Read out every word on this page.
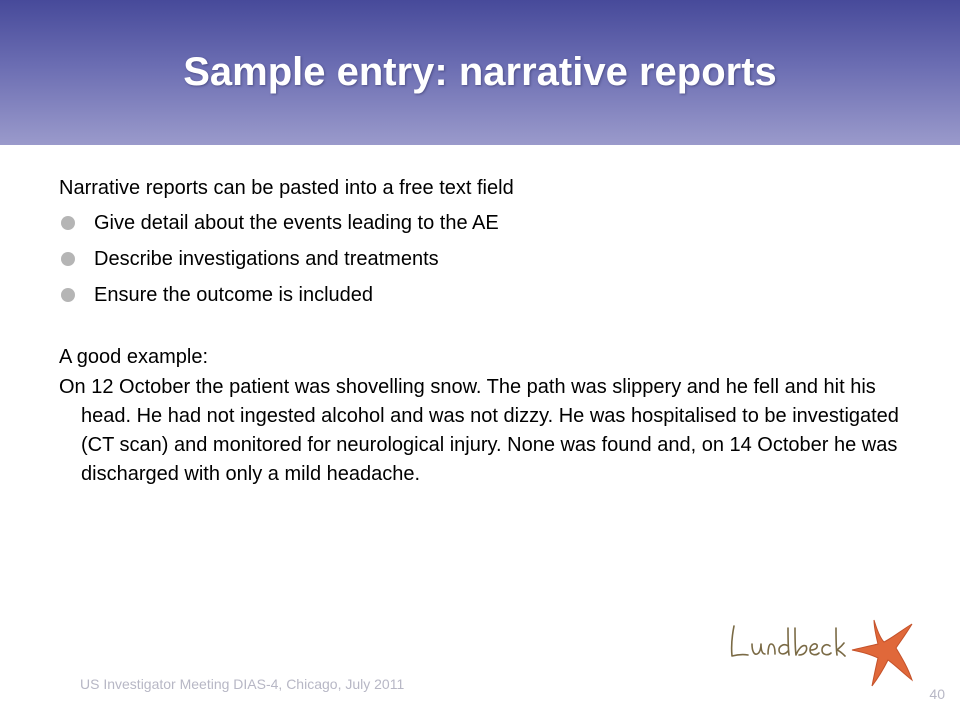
Sample entry: narrative reports
Narrative reports can be pasted into a free text field
Give detail about the events leading to the AE
Describe investigations and treatments
Ensure the outcome is included
A good example:

On 12 October the patient was shovelling snow. The path was slippery and he fell and hit his head. He had not ingested alcohol and was not dizzy. He was hospitalised to be investigated (CT scan) and monitored for neurological injury. None was found and, on 14 October he was discharged with only a mild headache.

US Investigator Meeting DIAS-4, Chicago, July 2011
40
